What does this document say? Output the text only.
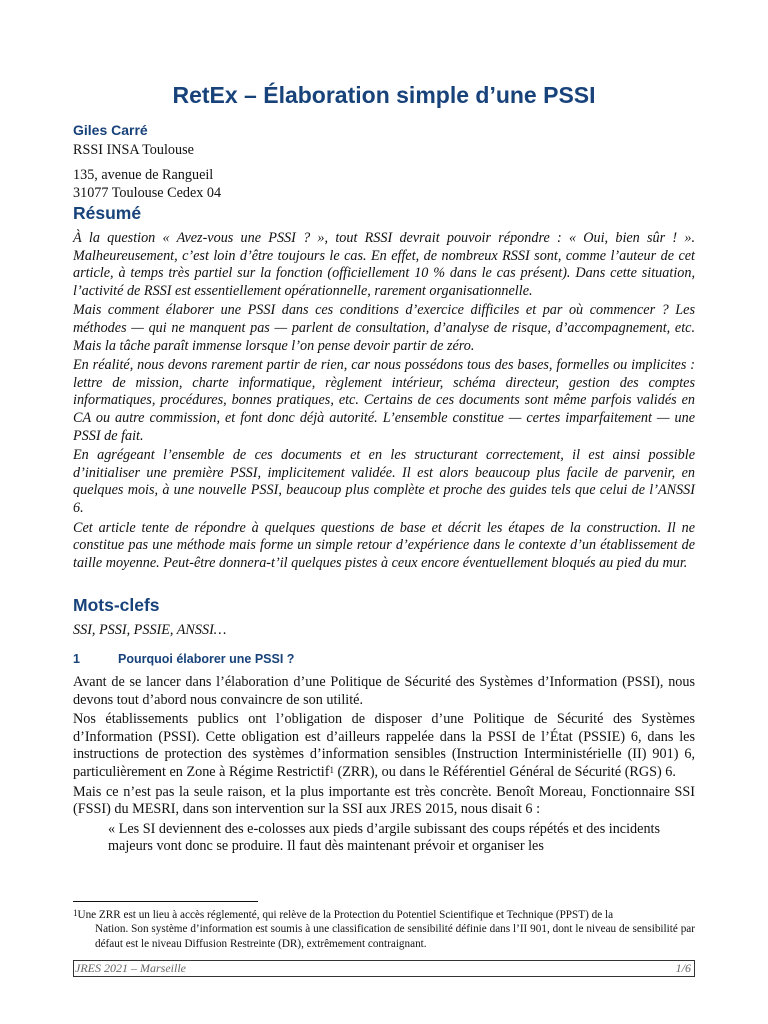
RetEx – Élaboration simple d’une PSSI
Giles Carré
RSSI INSA Toulouse
135, avenue de Rangueil
31077 Toulouse Cedex 04
Résumé

À la question « Avez-vous une PSSI ? », tout RSSI devrait pouvoir répondre : « Oui, bien sûr ! ». Malheureusement, c’est loin d’être toujours le cas. En effet, de nombreux RSSI sont, comme l’auteur de cet article, à temps très partiel sur la fonction (officiellement 10 % dans le cas présent). Dans cette situation, l’activité de RSSI est essentiellement opérationnelle, rarement organisationnelle.

Mais comment élaborer une PSSI dans ces conditions d’exercice difficiles et par où commencer ? Les méthodes — qui ne manquent pas — parlent de consultation, d’analyse de risque, d’accompagnement, etc. Mais la tâche paraît immense lorsque l’on pense devoir partir de zéro.

En réalité, nous devons rarement partir de rien, car nous possédons tous des bases, formelles ou implicites : lettre de mission, charte informatique, règlement intérieur, schéma directeur, gestion des comptes informatiques, procédures, bonnes pratiques, etc. Certains de ces documents sont même parfois validés en CA ou autre commission, et font donc déjà autorité. L’ensemble constitue — certes imparfaitement — une PSSI de fait.

En agrégeant l’ensemble de ces documents et en les structurant correctement, il est ainsi possible d’initialiser une première PSSI, implicitement validée. Il est alors beaucoup plus facile de parvenir, en quelques mois, à une nouvelle PSSI, beaucoup plus complète et proche des guides tels que celui de l’ANSSI 6.

Cet article tente de répondre à quelques questions de base et décrit les étapes de la construction. Il ne constitue pas une méthode mais forme un simple retour d’expérience dans le contexte d’un établissement de taille moyenne. Peut-être donnera-t’il quelques pistes à ceux encore éventuellement bloqués au pied du mur.

Mots-clefs
SSI, PSSI, PSSIE, ANSSI…
1	Pourquoi élaborer une PSSI ?

Avant de se lancer dans l’élaboration d’une Politique de Sécurité des Systèmes d’Information (PSSI), nous devons tout d’abord nous convaincre de son utilité.

Nos établissements publics ont l’obligation de disposer d’une Politique de Sécurité des Systèmes d’Information (PSSI). Cette obligation est d’ailleurs rappelée dans la PSSI de l’État (PSSIE) 6, dans les instructions de protection des systèmes d’information sensibles (Instruction Interministérielle (II) 901) 6, particulièrement en Zone à Régime Restrictif$^1$ (ZRR), ou dans le Référentiel Général de Sécurité (RGS) 6.

Mais ce n’est pas la seule raison, et la plus importante est très concrète. Benoît Moreau, Fonctionnaire SSI (FSSI) du MESRI, dans son intervention sur la SSI aux JRES 2015, nous disait 6 :

« Les SI deviennent des e-colosses aux pieds d’argile subissant des coups répétés et des incidents majeurs vont donc se produire. Il faut dès maintenant prévoir et organiser les

$^1$Une ZRR est un lieu à accès réglementé, qui relève de la Protection du Potentiel Scientifique et Technique (PPST) de la
Nation. Son système d’information est soumis à une classification de sensibilité définie dans l’II 901, dont le niveau de sensibilité par défaut est le niveau Diffusion Restreinte (DR), extrêmement contraignant.
JRES 2021 – Marseille	1/6
